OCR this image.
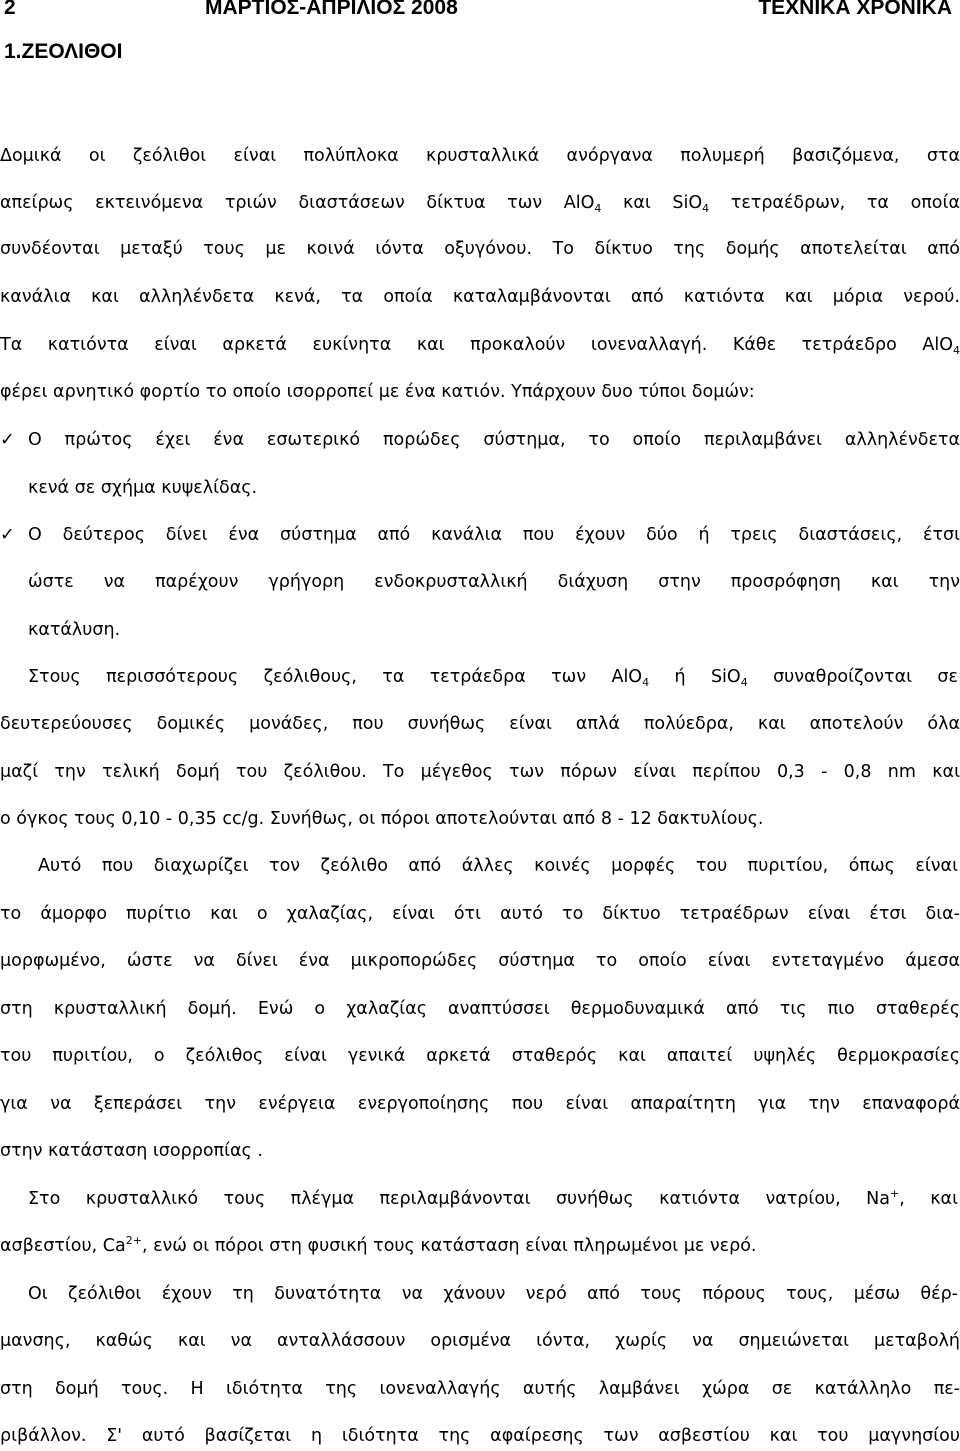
2	ΜΑΡΤΙΟΣ-ΑΠΡΙΛΙΟΣ 2008	ΤΕΧΝΙΚΑ ΧΡΟΝΙΚΑ
1.ΖΕΟΛΙΘΟΙ
Δομικά οι ζεόλιθοι είναι πολύπλοκα κρυσταλλικά ανόργανα πολυμερή βασιζόμενα, στα
απείρως εκτεινόμενα τριών διαστάσεων δίκτυα των AlO$_4$ και SiO$_4$ τετραέδρων, τα οποία
συνδέονται μεταξύ τους με κοινά ιόντα οξυγόνου. Το δίκτυο της δομής αποτελείται από
κανάλια και αλληλένδετα κενά, τα οποία καταλαμβάνονται από κατιόντα και μόρια νερού.
Τα κατιόντα είναι αρκετά ευκίνητα και προκαλούν ιονεναλλαγή. Κάθε τετράεδρο AlO$_4$
φέρει αρνητικό φορτίο το οποίο ισορροπεί με ένα κατιόν. Υπάρχουν δυο τύποι δομών:
✓ Ο πρώτος έχει ένα εσωτερικό πορώδες σύστημα, το οποίο περιλαμβάνει αλληλένδετα
κενά σε σχήμα κυψελίδας.
✓ Ο δεύτερος δίνει ένα σύστημα από κανάλια που έχουν δύο ή τρεις διαστάσεις, έτσι
ώστε να παρέχουν γρήγορη ενδοκρυσταλλική διάχυση στην προσρόφηση και την
κατάλυση.
Στους περισσότερους ζεόλιθους, τα τετράεδρα των AlO$_4$ ή SiO$_4$ συναθροίζονται σε
δευτερεύουσες δομικές μονάδες, που συνήθως είναι απλά πολύεδρα, και αποτελούν όλα
μαζί την τελική δομή του ζεόλιθου. Το μέγεθος των πόρων είναι περίπου 0,3 - 0,8 nm και
ο όγκος τους 0,10 - 0,35 cc/g. Συνήθως, οι πόροι αποτελούνται από 8 - 12 δακτυλίους.
Αυτό που διαχωρίζει τον ζεόλιθο από άλλες κοινές μορφές του πυριτίου, όπως είναι
το άμορφο πυρίτιο και ο χαλαζίας, είναι ότι αυτό το δίκτυο τετραέδρων είναι έτσι δια-
μορφωμένο, ώστε να δίνει ένα μικροπορώδες σύστημα το οποίο είναι εντεταγμένο άμεσα
στη κρυσταλλική δομή. Ενώ ο χαλαζίας αναπτύσσει θερμοδυναμικά από τις πιο σταθερές
του πυριτίου, ο ζεόλιθος είναι γενικά αρκετά σταθερός και απαιτεί υψηλές θερμοκρασίες
για να ξεπεράσει την ενέργεια ενεργοποίησης που είναι απαραίτητη για την επαναφορά
στην κατάσταση ισορροπίας .
Στο κρυσταλλικό τους πλέγμα περιλαμβάνονται συνήθως κατιόντα νατρίου, Na+, και
ασβεστίου, $Ca^{2+}$, ενώ οι πόροι στη φυσική τους κατάσταση είναι πληρωμένοι με νερό.
Οι ζεόλιθοι έχουν τη δυνατότητα να χάνουν νερό από τους πόρους τους, μέσω θέρ-
μανσης, καθώς και να ανταλλάσσουν ορισμένα ιόντα, χωρίς να σημειώνεται μεταβολή
στη δομή τους. Η ιδιότητα της ιονεναλλαγής αυτής λαμβάνει χώρα σε κατάλληλο πε-
ριβάλλον. Σ' αυτό βασίζεται η ιδιότητα της αφαίρεσης των ασβεστίου και του μαγνησίου
